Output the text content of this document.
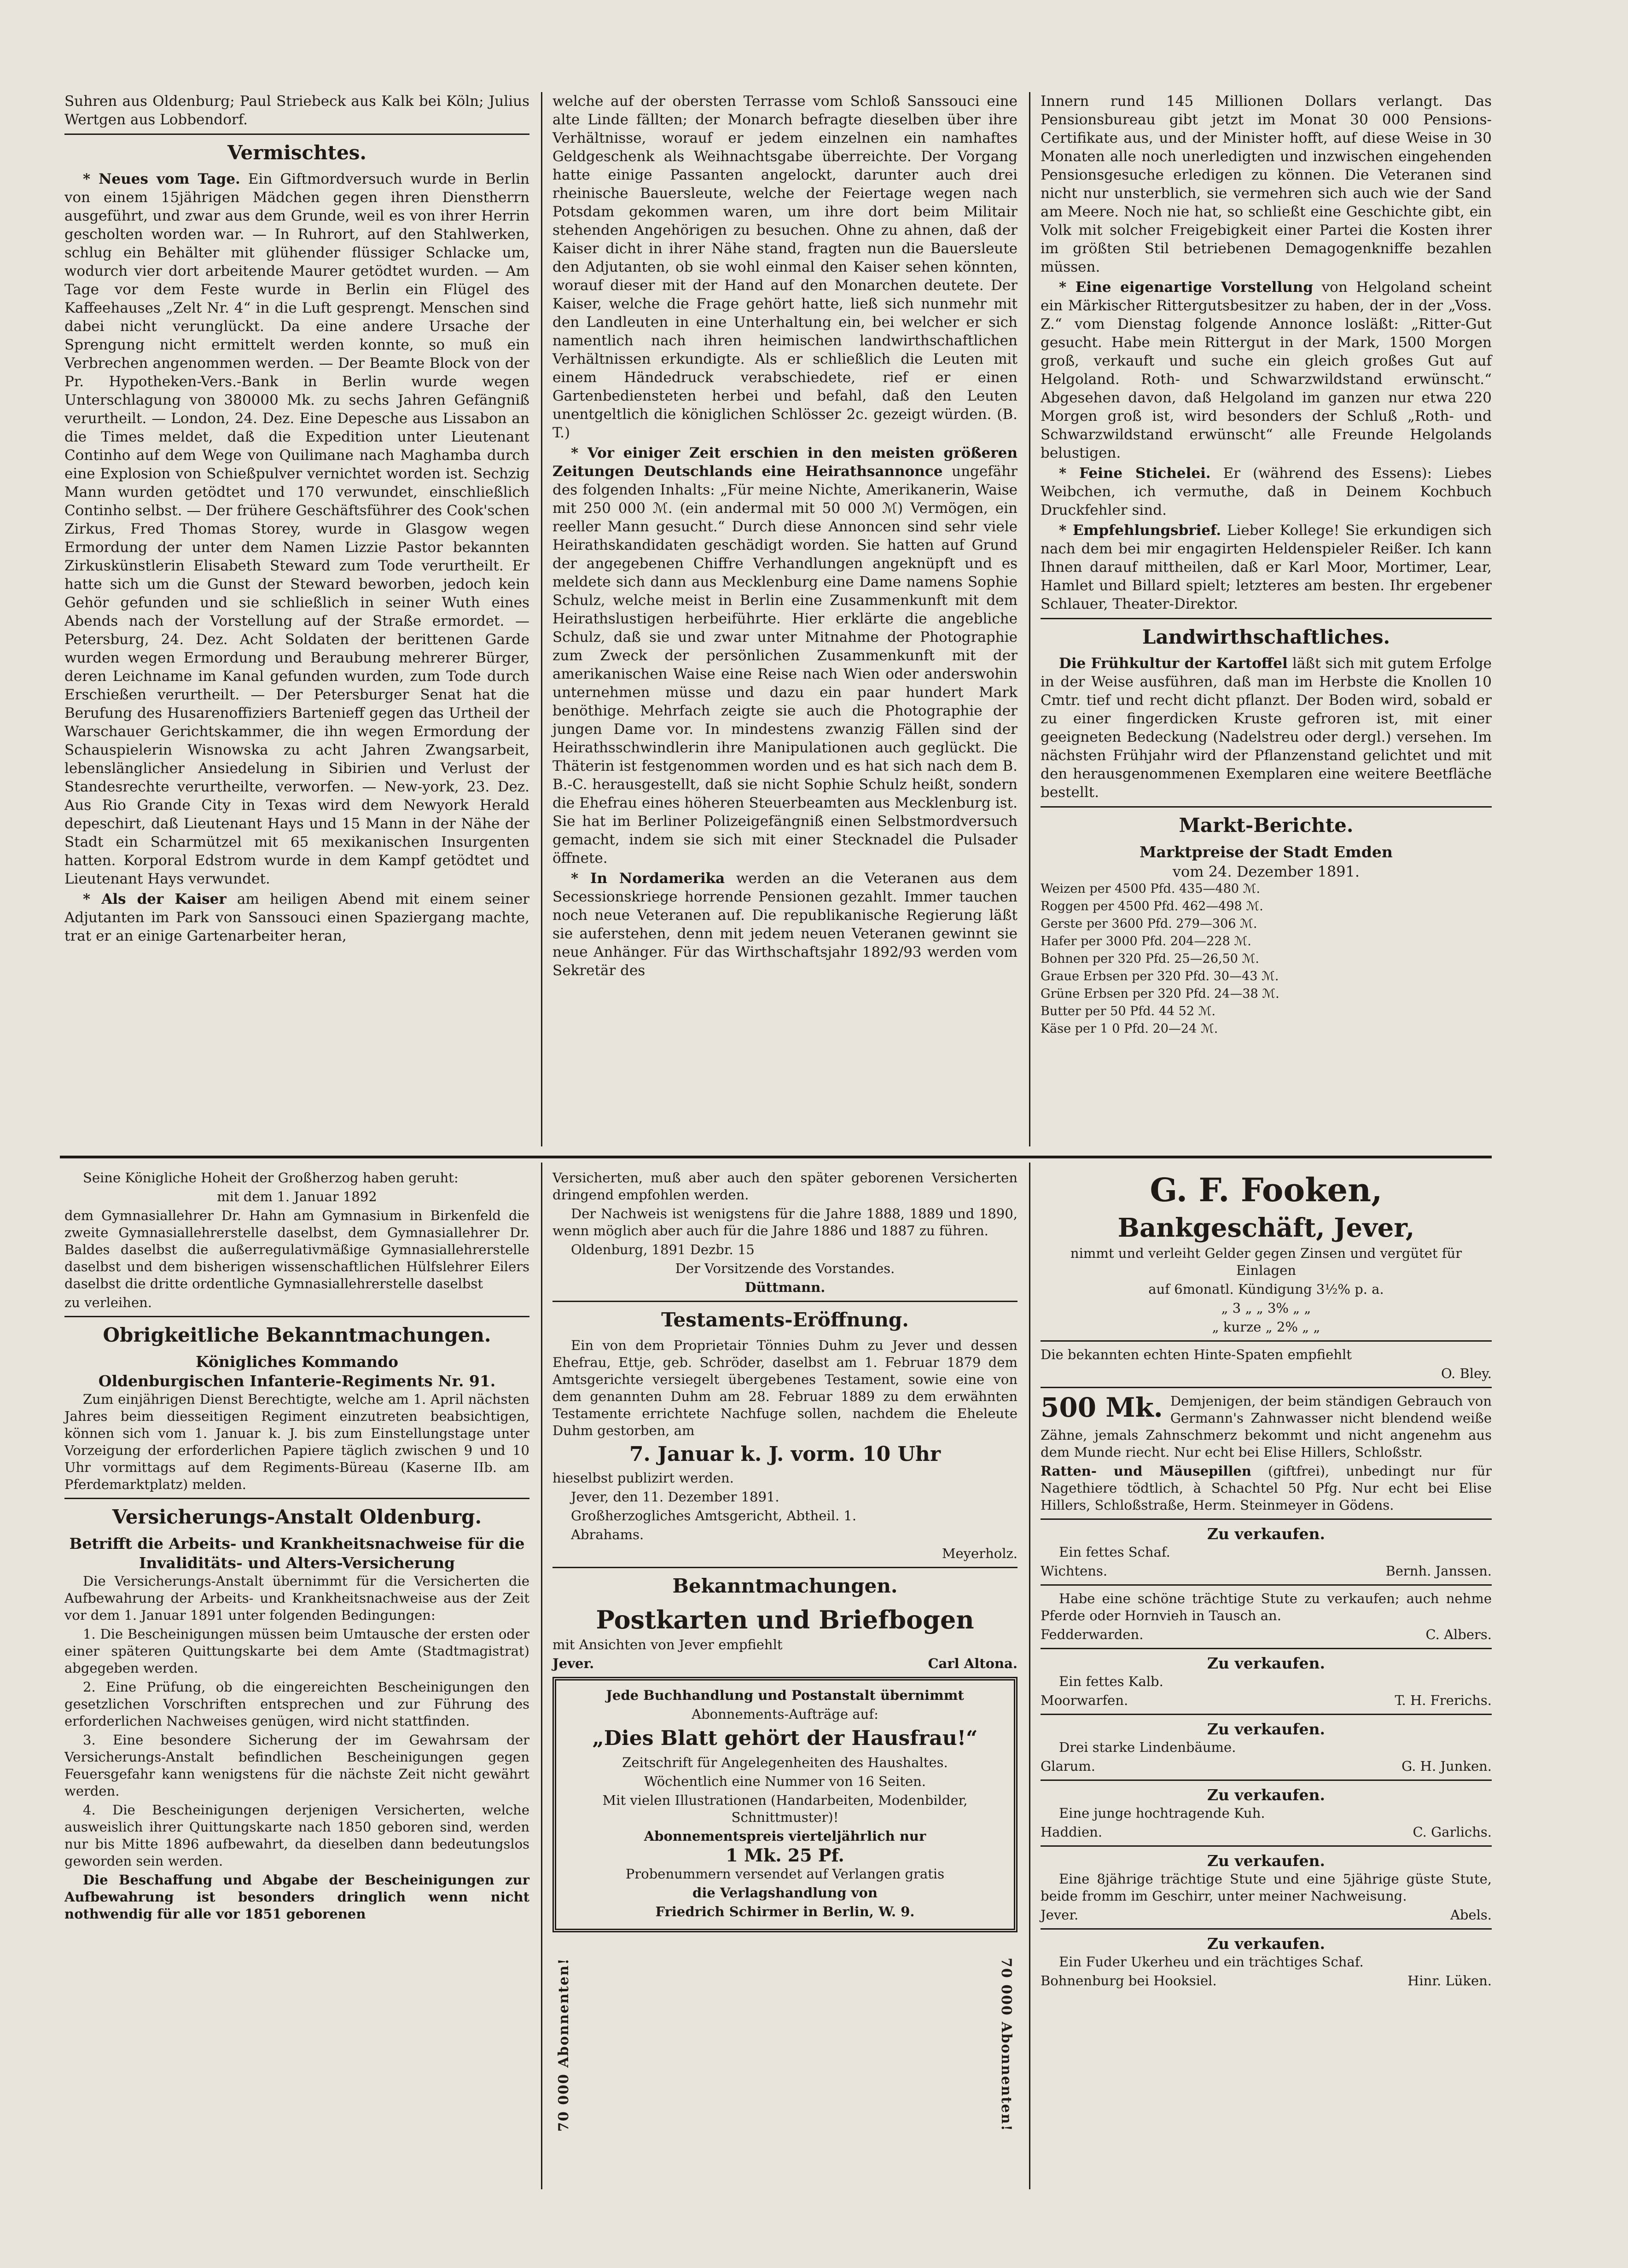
Suhren aus Oldenburg; Paul Striebeck aus Kalk bei Köln; Julius Wertgen aus Lobbendorf.

Vermischtes.

* Neues vom Tage. Ein Giftmordversuch wurde in Berlin von einem 15jährigen Mädchen gegen ihren Dienstherrn ausgeführt, und zwar aus dem Grunde, weil es von ihrer Herrin gescholten worden war. — In Ruhrort, auf den Stahlwerken, schlug ein Behälter mit glühender flüssiger Schlacke um, wodurch vier dort arbeitende Maurer getödtet wurden. — Am Tage vor dem Feste wurde in Berlin ein Flügel des Kaffeehauses „Zelt Nr. 4“ in die Luft gesprengt. Menschen sind dabei nicht verunglückt. Da eine andere Ursache der Sprengung nicht ermittelt werden konnte, so muß ein Verbrechen angenommen werden. — Der Beamte Block von der Pr. Hypotheken-Vers.-Bank in Berlin wurde wegen Unterschlagung von 380000 Mk. zu sechs Jahren Gefängniß verurtheilt. — London, 24. Dez. Eine Depesche aus Lissabon an die Times meldet, daß die Expedition unter Lieutenant Continho auf dem Wege von Quilimane nach Maghamba durch eine Explosion von Schießpulver vernichtet worden ist. Sechzig Mann wurden getödtet und 170 verwundet, einschließlich Continho selbst. — Der frühere Geschäftsführer des Cook'schen Zirkus, Fred Thomas Storey, wurde in Glasgow wegen Ermordung der unter dem Namen Lizzie Pastor bekannten Zirkuskünstlerin Elisabeth Steward zum Tode verurtheilt. Er hatte sich um die Gunst der Steward beworben, jedoch kein Gehör gefunden und sie schließlich in seiner Wuth eines Abends nach der Vorstellung auf der Straße ermordet. — Petersburg, 24. Dez. Acht Soldaten der berittenen Garde wurden wegen Ermordung und Beraubung mehrerer Bürger, deren Leichname im Kanal gefunden wurden, zum Tode durch Erschießen verurtheilt. — Der Petersburger Senat hat die Berufung des Husarenoffiziers Bartenieff gegen das Urtheil der Warschauer Gerichtskammer, die ihn wegen Ermordung der Schauspielerin Wisnowska zu acht Jahren Zwangsarbeit, lebenslänglicher Ansiedelung in Sibirien und Verlust der Standesrechte verurtheilte, verworfen. — New-york, 23. Dez. Aus Rio Grande City in Texas wird dem Newyork Herald depeschirt, daß Lieutenant Hays und 15 Mann in der Nähe der Stadt ein Scharmützel mit 65 mexikanischen Insurgenten hatten. Korporal Edstrom wurde in dem Kampf getödtet und Lieutenant Hays verwundet.

* Als der Kaiser am heiligen Abend mit einem seiner Adjutanten im Park von Sanssouci einen Spaziergang machte, trat er an einige Gartenarbeiter heran,

welche auf der obersten Terrasse vom Schloß Sanssouci eine alte Linde fällten; der Monarch befragte dieselben über ihre Verhältnisse, worauf er jedem einzelnen ein namhaftes Geldgeschenk als Weihnachtsgabe überreichte. Der Vorgang hatte einige Passanten angelockt, darunter auch drei rheinische Bauersleute, welche der Feiertage wegen nach Potsdam gekommen waren, um ihre dort beim Militair stehenden Angehörigen zu besuchen. Ohne zu ahnen, daß der Kaiser dicht in ihrer Nähe stand, fragten nun die Bauersleute den Adjutanten, ob sie wohl einmal den Kaiser sehen könnten, worauf dieser mit der Hand auf den Monarchen deutete. Der Kaiser, welche die Frage gehört hatte, ließ sich nunmehr mit den Landleuten in eine Unterhaltung ein, bei welcher er sich namentlich nach ihren heimischen landwirthschaftlichen Verhältnissen erkundigte. Als er schließlich die Leuten mit einem Händedruck verabschiedete, rief er einen Gartenbediensteten herbei und befahl, daß den Leuten unentgeltlich die königlichen Schlösser 2c. gezeigt würden. (B. T.)

* Vor einiger Zeit erschien in den meisten größeren Zeitungen Deutschlands eine Heirathsannonce ungefähr des folgenden Inhalts: „Für meine Nichte, Amerikanerin, Waise mit 250 000 ℳ. (ein andermal mit 50 000 ℳ) Vermögen, ein reeller Mann gesucht.“ Durch diese Annoncen sind sehr viele Heirathskandidaten geschädigt worden. Sie hatten auf Grund der angegebenen Chiffre Verhandlungen angeknüpft und es meldete sich dann aus Mecklenburg eine Dame namens Sophie Schulz, welche meist in Berlin eine Zusammenkunft mit dem Heirathslustigen herbeiführte. Hier erklärte die angebliche Schulz, daß sie und zwar unter Mitnahme der Photographie zum Zweck der persönlichen Zusammenkunft mit der amerikanischen Waise eine Reise nach Wien oder anderswohin unternehmen müsse und dazu ein paar hundert Mark benöthige. Mehrfach zeigte sie auch die Photographie der jungen Dame vor. In mindestens zwanzig Fällen sind der Heirathsschwindlerin ihre Manipulationen auch geglückt. Die Thäterin ist festgenommen worden und es hat sich nach dem B. B.-C. herausgestellt, daß sie nicht Sophie Schulz heißt, sondern die Ehefrau eines höheren Steuerbeamten aus Mecklenburg ist. Sie hat im Berliner Polizeigefängniß einen Selbstmordversuch gemacht, indem sie sich mit einer Stecknadel die Pulsader öffnete.

* In Nordamerika werden an die Veteranen aus dem Secessionskriege horrende Pensionen gezahlt. Immer tauchen noch neue Veteranen auf. Die republikanische Regierung läßt sie auferstehen, denn mit jedem neuen Veteranen gewinnt sie neue Anhänger. Für das Wirthschaftsjahr 1892/93 werden vom Sekretär des

Innern rund 145 Millionen Dollars verlangt. Das Pensionsbureau gibt jetzt im Monat 30 000 Pensions-Certifikate aus, und der Minister hofft, auf diese Weise in 30 Monaten alle noch unerledigten und inzwischen eingehenden Pensionsgesuche erledigen zu können. Die Veteranen sind nicht nur unsterblich, sie vermehren sich auch wie der Sand am Meere. Noch nie hat, so schließt eine Geschichte gibt, ein Volk mit solcher Freigebigkeit einer Partei die Kosten ihrer im größten Stil betriebenen Demagogenkniffe bezahlen müssen.

* Eine eigenartige Vorstellung von Helgoland scheint ein Märkischer Rittergutsbesitzer zu haben, der in der „Voss. Z.“ vom Dienstag folgende Annonce losläßt: „Ritter-Gut gesucht. Habe mein Rittergut in der Mark, 1500 Morgen groß, verkauft und suche ein gleich großes Gut auf Helgoland. Roth- und Schwarzwildstand erwünscht.“ Abgesehen davon, daß Helgoland im ganzen nur etwa 220 Morgen groß ist, wird besonders der Schluß „Roth- und Schwarzwildstand erwünscht“ alle Freunde Helgolands belustigen.

* Feine Stichelei. Er (während des Essens): Liebes Weibchen, ich vermuthe, daß in Deinem Kochbuch Druckfehler sind.

* Empfehlungsbrief. Lieber Kollege! Sie erkundigen sich nach dem bei mir engagirten Heldenspieler Reißer. Ich kann Ihnen darauf mittheilen, daß er Karl Moor, Mortimer, Lear, Hamlet und Billard spielt; letzteres am besten. Ihr ergebener Schlauer, Theater-Direktor.

Landwirthschaftliches.

Die Frühkultur der Kartoffel läßt sich mit gutem Erfolge in der Weise ausführen, daß man im Herbste die Knollen 10 Cmtr. tief und recht dicht pflanzt. Der Boden wird, sobald er zu einer fingerdicken Kruste gefroren ist, mit einer geeigneten Bedeckung (Nadelstreu oder dergl.) versehen. Im nächsten Frühjahr wird der Pflanzenstand gelichtet und mit den herausgenommenen Exemplaren eine weitere Beetfläche bestellt.

Markt-Berichte.
Marktpreise der Stadt Emden
vom 24. Dezember 1891.

Weizen per 4500 Pfd. 435—480 ℳ.

Roggen per 4500 Pfd. 462—498 ℳ.

Gerste per 3600 Pfd. 279—306 ℳ.

Hafer per 3000 Pfd. 204—228 ℳ.

Bohnen per 320 Pfd. 25—26,50 ℳ.

Graue Erbsen per 320 Pfd. 30—43 ℳ.

Grüne Erbsen per 320 Pfd. 24—38 ℳ.

Butter per 50 Pfd. 44 52 ℳ.

Käse per 1 0 Pfd. 20—24 ℳ.

Seine Königliche Hoheit der Großherzog haben geruht:

mit dem 1. Januar 1892

dem Gymnasiallehrer Dr. Hahn am Gymnasium in Birkenfeld die zweite Gymnasiallehrerstelle daselbst, dem Gymnasiallehrer Dr. Baldes daselbst die außerregulativmäßige Gymnasiallehrerstelle daselbst und dem bisherigen wissenschaftlichen Hülfslehrer Eilers daselbst die dritte ordentliche Gymnasiallehrerstelle daselbst

zu verleihen.

Obrigkeitliche Bekanntmachungen.
Königliches Kommando
Oldenburgischen Infanterie-Regiments Nr. 91.

Zum einjährigen Dienst Berechtigte, welche am 1. April nächsten Jahres beim diesseitigen Regiment einzutreten beabsichtigen, können sich vom 1. Januar k. J. bis zum Einstellungstage unter Vorzeigung der erforderlichen Papiere täglich zwischen 9 und 10 Uhr vormittags auf dem Regiments-Büreau (Kaserne IIb. am Pferdemarktplatz) melden.

Versicherungs-Anstalt Oldenburg.
Betrifft die Arbeits- und Krankheitsnachweise für die Invaliditäts- und Alters-Versicherung

Die Versicherungs-Anstalt übernimmt für die Versicherten die Aufbewahrung der Arbeits- und Krankheitsnachweise aus der Zeit vor dem 1. Januar 1891 unter folgenden Bedingungen:

1. Die Bescheinigungen müssen beim Umtausche der ersten oder einer späteren Quittungskarte bei dem Amte (Stadtmagistrat) abgegeben werden.

2. Eine Prüfung, ob die eingereichten Bescheinigungen den gesetzlichen Vorschriften entsprechen und zur Führung des erforderlichen Nachweises genügen, wird nicht stattfinden.

3. Eine besondere Sicherung der im Gewahrsam der Versicherungs-Anstalt befindlichen Bescheinigungen gegen Feuersgefahr kann wenigstens für die nächste Zeit nicht gewährt werden.

4. Die Bescheinigungen derjenigen Versicherten, welche ausweislich ihrer Quittungskarte nach 1850 geboren sind, werden nur bis Mitte 1896 aufbewahrt, da dieselben dann bedeutungslos geworden sein werden.

Die Beschaffung und Abgabe der Bescheinigungen zur Aufbewahrung ist besonders dringlich wenn nicht nothwendig für alle vor 1851 geborenen

Versicherten, muß aber auch den später geborenen Versicherten dringend empfohlen werden.

Der Nachweis ist wenigstens für die Jahre 1888, 1889 und 1890, wenn möglich aber auch für die Jahre 1886 und 1887 zu führen.

Oldenburg, 1891 Dezbr. 15

Der Vorsitzende des Vorstandes.

Düttmann.

Testaments-Eröffnung.

Ein von dem Proprietair Tönnies Duhm zu Jever und dessen Ehefrau, Ettje, geb. Schröder, daselbst am 1. Februar 1879 dem Amtsgerichte versiegelt übergebenes Testament, sowie eine von dem genannten Duhm am 28. Februar 1889 zu dem erwähnten Testamente errichtete Nachfuge sollen, nachdem die Eheleute Duhm gestorben, am

7. Januar k. J. vorm. 10 Uhr

hieselbst publizirt werden.

Jever, den 11. Dezember 1891.

Großherzogliches Amtsgericht, Abtheil. 1.

Abrahams.

Meyerholz.

Bekanntmachungen.
Postkarten und Briefbogen

mit Ansichten von Jever empfiehlt

Jever.	Carl Altona.
70 000 Abonnenten!	70 000 Abonnenten!

Jede Buchhandlung und Postanstalt übernimmt

Abonnements-Aufträge auf:

„Dies Blatt gehört der Hausfrau!“

Zeitschrift für Angelegenheiten des Haushaltes.

Wöchentlich eine Nummer von 16 Seiten.

Mit vielen Illustrationen (Handarbeiten, Modenbilder, Schnittmuster)!

Abonnementspreis vierteljährlich nur

1 Mk. 25 Pf.

Probenummern versendet auf Verlangen gratis

die Verlagshandlung von

Friedrich Schirmer in Berlin, W. 9.

G. F. Fooken,
Bankgeschäft, Jever,

nimmt und verleiht Gelder gegen Zinsen und vergütet für Einlagen

auf 6monatl. Kündigung 3½% p. a.

„ 3 „ „ 3% „ „

„ kurze „ 2% „ „

Die bekannten echten Hinte-Spaten empfiehlt

O. Bley.

500 Mk. Demjenigen, der beim ständigen Gebrauch von Germann's Zahnwasser nicht blendend weiße Zähne, jemals Zahnschmerz bekommt und nicht angenehm aus dem Munde riecht. Nur echt bei Elise Hillers, Schloßstr.

Ratten- und Mäusepillen (giftfrei), unbedingt nur für Nagethiere tödtlich, à Schachtel 50 Pfg. Nur echt bei Elise Hillers, Schloßstraße, Herm. Steinmeyer in Gödens.

Zu verkaufen.

Ein fettes Schaf.

Wichtens.	Bernh. Janssen.

Habe eine schöne trächtige Stute zu verkaufen; auch nehme Pferde oder Hornvieh in Tausch an.

Fedderwarden.	C. Albers.
Zu verkaufen.

Ein fettes Kalb.

Moorwarfen.	T. H. Frerichs.
Zu verkaufen.

Drei starke Lindenbäume.

Glarum.	G. H. Junken.
Zu verkaufen.

Eine junge hochtragende Kuh.

Haddien.	C. Garlichs.
Zu verkaufen.

Eine 8jährige trächtige Stute und eine 5jährige güste Stute, beide fromm im Geschirr, unter meiner Nachweisung.

Jever.	Abels.
Zu verkaufen.

Ein Fuder Ukerheu und ein trächtiges Schaf.

Bohnenburg bei Hooksiel.	Hinr. Lüken.
